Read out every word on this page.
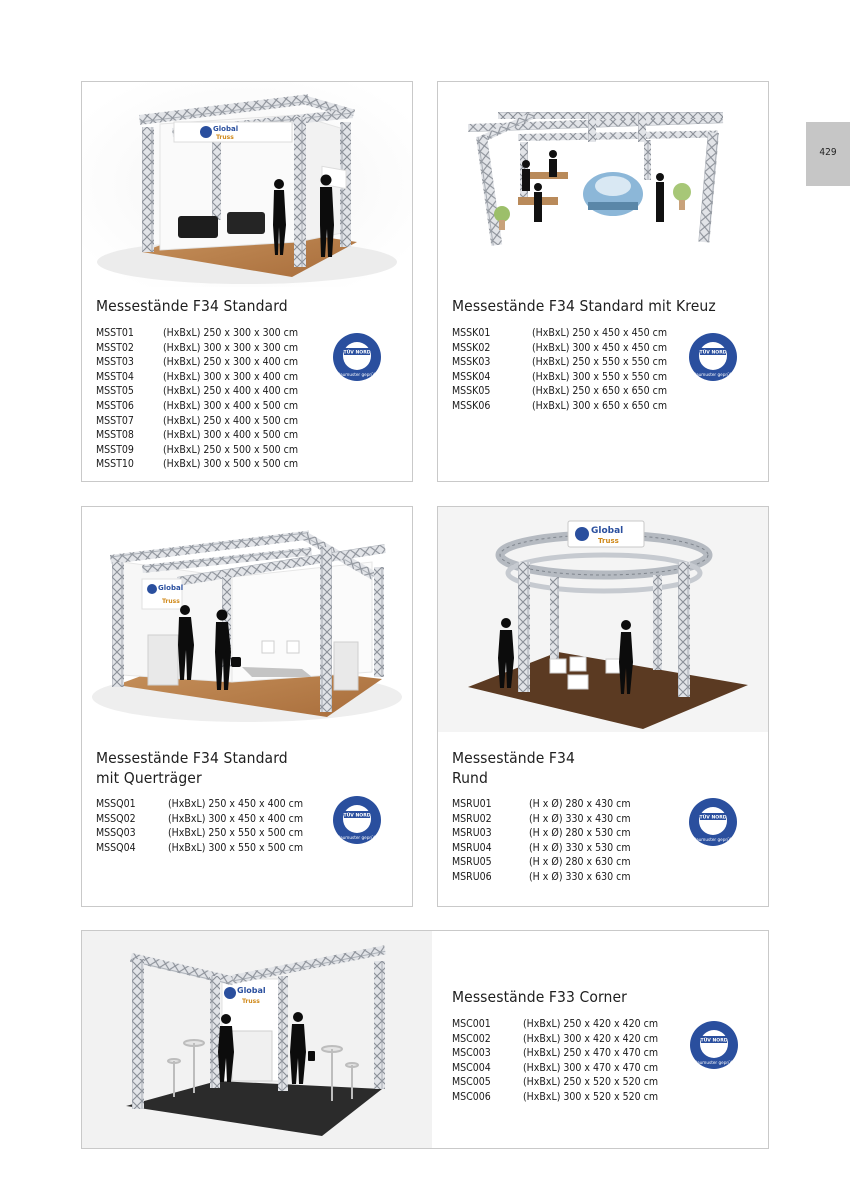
429
Global
Truss
Messestände F34 Standard
MSST01	(HxBxL) 250 x 300 x 300 cm
MSST02	(HxBxL) 300 x 300 x 300 cm
MSST03	(HxBxL) 250 x 300 x 400 cm
MSST04	(HxBxL) 300 x 300 x 400 cm
MSST05	(HxBxL) 250 x 400 x 400 cm
MSST06	(HxBxL) 300 x 400 x 500 cm
MSST07	(HxBxL) 250 x 400 x 500 cm
MSST08	(HxBxL) 300 x 400 x 500 cm
MSST09	(HxBxL) 250 x 500 x 500 cm
MSST10	(HxBxL) 300 x 500 x 500 cm
TÜV NORD
Baumuster geprüft
Messestände F34 Standard mit Kreuz
MSSK01	(HxBxL) 250 x 450 x 450 cm
MSSK02	(HxBxL) 300 x 450 x 450 cm
MSSK03	(HxBxL) 250 x 550 x 550 cm
MSSK04	(HxBxL) 300 x 550 x 550 cm
MSSK05	(HxBxL) 250 x 650 x 650 cm
MSSK06	(HxBxL) 300 x 650 x 650 cm
TÜV NORD
Baumuster geprüft
Global
Truss
Messestände F34 Standard
mit Querträger
MSSQ01	(HxBxL) 250 x 450 x 400 cm
MSSQ02	(HxBxL) 300 x 450 x 400 cm
MSSQ03	(HxBxL) 250 x 550 x 500 cm
MSSQ04	(HxBxL) 300 x 550 x 500 cm
TÜV NORD
Baumuster geprüft
Global
Truss
Messestände F34
Rund
MSRU01	(H x Ø) 280 x 430 cm
MSRU02	(H x Ø) 330 x 430 cm
MSRU03	(H x Ø) 280 x 530 cm
MSRU04	(H x Ø) 330 x 530 cm
MSRU05	(H x Ø) 280 x 630 cm
MSRU06	(H x Ø) 330 x 630 cm
TÜV NORD
Baumuster geprüft
Global
Truss	Messestände F33 Corner
MSC001	(HxBxL) 250 x 420 x 420 cm
MSC002	(HxBxL) 300 x 420 x 420 cm
MSC003	(HxBxL) 250 x 470 x 470 cm
MSC004	(HxBxL) 300 x 470 x 470 cm
MSC005	(HxBxL) 250 x 520 x 520 cm
MSC006	(HxBxL) 300 x 520 x 520 cm
TÜV NORD
Baumuster geprüft
